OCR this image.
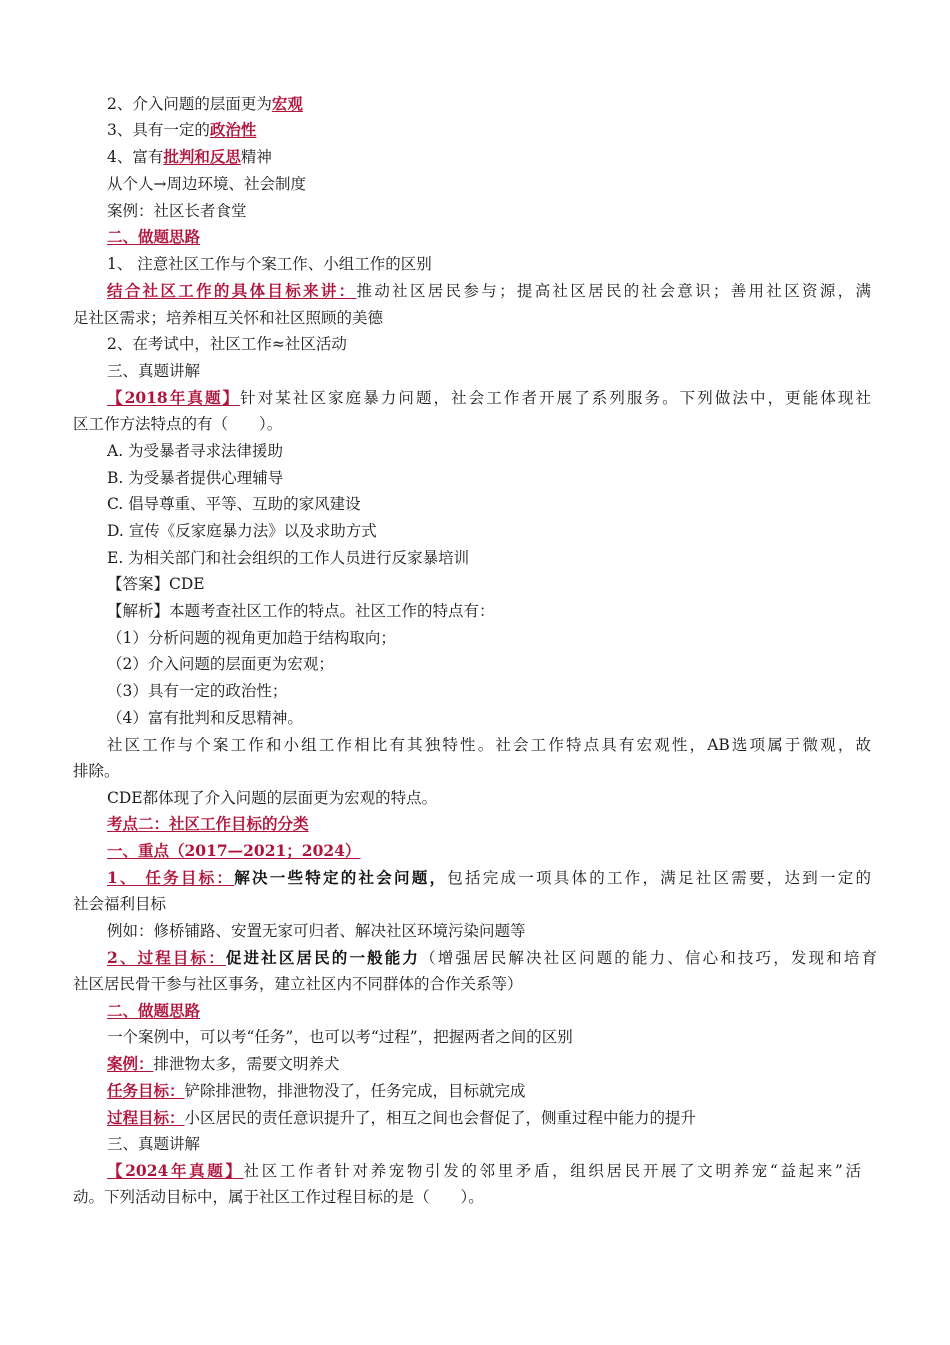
2、介入问题的层面更为宏观
3、具有一定的政治性
4、富有批判和反思精神
从个人→周边环境、社会制度
案例：社区长者食堂
二、做题思路
1、 注意社区工作与个案工作、小组工作的区别
结合社区工作的具体目标来讲：推动社区居民参与；提高社区居民的社会意识；善用社区资源，满
足社区需求；培养相互关怀和社区照顾的美德
2、在考试中，社区工作≈社区活动
三、真题讲解
【2018年真题】针对某社区家庭暴力问题，社会工作者开展了系列服务。下列做法中，更能体现社
区工作方法特点的有（　　）。
A. 为受暴者寻求法律援助
B. 为受暴者提供心理辅导
C. 倡导尊重、平等、互助的家风建设
D. 宣传《反家庭暴力法》以及求助方式
E. 为相关部门和社会组织的工作人员进行反家暴培训
【答案】CDE
【解析】本题考查社区工作的特点。社区工作的特点有：
（1）分析问题的视角更加趋于结构取向；
（2）介入问题的层面更为宏观；
（3）具有一定的政治性；
（4）富有批判和反思精神。
社区工作与个案工作和小组工作相比有其独特性。社会工作特点具有宏观性，AB选项属于微观，故
排除。
CDE都体现了介入问题的层面更为宏观的特点。
考点二：社区工作目标的分类
一、重点（2017—2021；2024）
1、 任务目标：解决一些特定的社会问题，包括完成一项具体的工作，满足社区需要，达到一定的
社会福利目标
例如：修桥铺路、安置无家可归者、解决社区环境污染问题等
2、过程目标：促进社区居民的一般能力（增强居民解决社区问题的能力、信心和技巧，发现和培育
社区居民骨干参与社区事务，建立社区内不同群体的合作关系等）
二、做题思路
一个案例中，可以考“任务”，也可以考“过程”，把握两者之间的区别
案例：排泄物太多，需要文明养犬
任务目标：铲除排泄物，排泄物没了，任务完成，目标就完成
过程目标：小区居民的责任意识提升了，相互之间也会督促了，侧重过程中能力的提升
三、真题讲解
【2024年真题】社区工作者针对养宠物引发的邻里矛盾，组织居民开展了文明养宠“益起来”活
动。下列活动目标中，属于社区工作过程目标的是（　　）。
